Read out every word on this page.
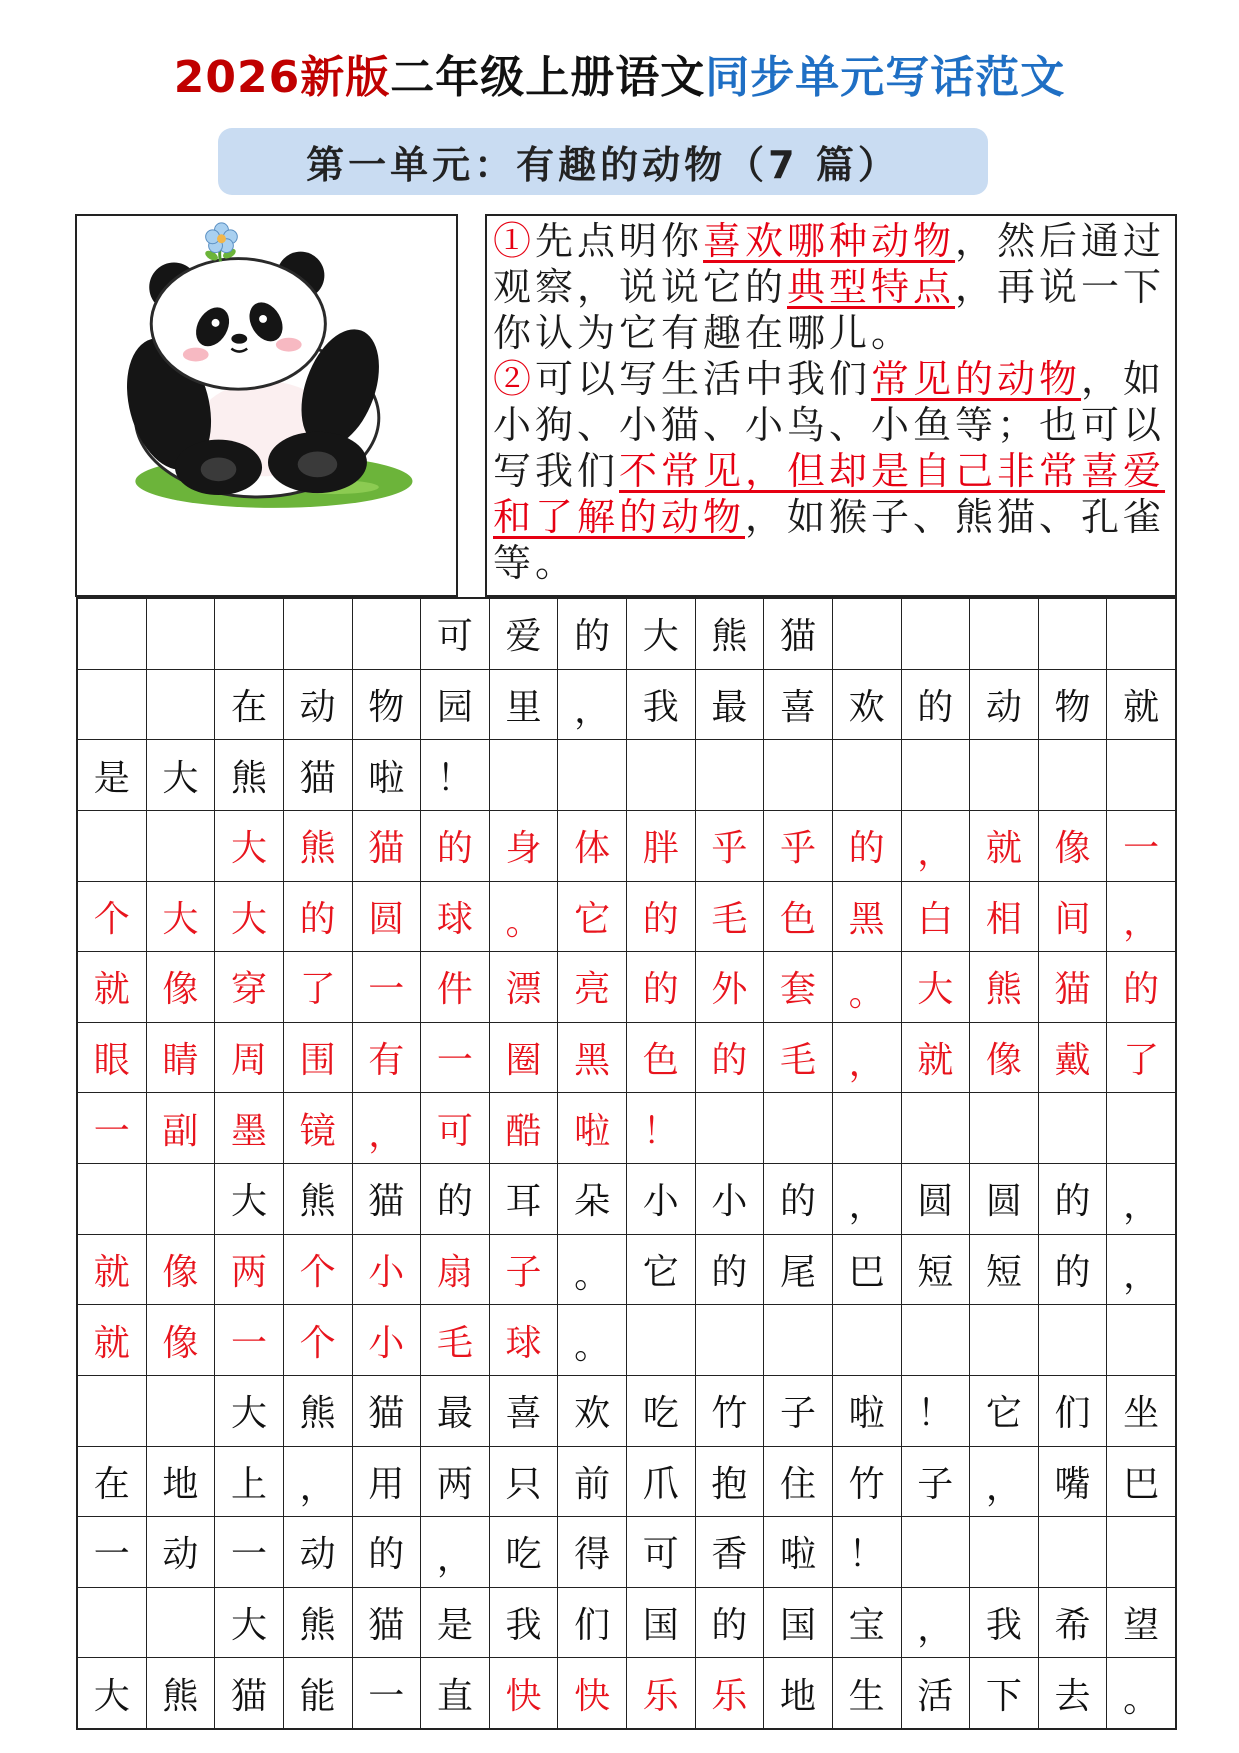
2026新版二年级上册语文同步单元写话范文
第一单元：有趣的动物（7 篇）
①先点明你喜欢哪种动物，然后通过观察，说说它的典型特点，再说一下你认为它有趣在哪儿。
②可以写生活中我们常见的动物，如小狗、小猫、小鸟、小鱼等；也可以写我们不常见，但却是自己非常喜爱和了解的动物，如猴子、熊猫、孔雀等。
可 爱 的 大 熊 猫
在 动 物 园 里 ， 我 最 喜 欢 的 动 物 就
是 大 熊 猫 啦 ！
大 熊 猫 的 身 体 胖 乎 乎 的 ， 就 像 一
个 大 大 的 圆 球 。 它 的 毛 色 黑 白 相 间 ，
就 像 穿 了 一 件 漂 亮 的 外 套 。 大 熊 猫 的
眼 睛 周 围 有 一 圈 黑 色 的 毛 ， 就 像 戴 了
一 副 墨 镜 ， 可 酷 啦 ！
大 熊 猫 的 耳 朵 小 小 的 ， 圆 圆 的 ，
就 像 两 个 小 扇 子 。 它 的 尾 巴 短 短 的 ，
就 像 一 个 小 毛 球 。
大 熊 猫 最 喜 欢 吃 竹 子 啦 ！ 它 们 坐
在 地 上 ， 用 两 只 前 爪 抱 住 竹 子 ， 嘴 巴
一 动 一 动 的 ， 吃 得 可 香 啦 ！
大 熊 猫 是 我 们 国 的 国 宝 ， 我 希 望
大 熊 猫 能 一 直 快 快 乐 乐 地 生 活 下 去 。
